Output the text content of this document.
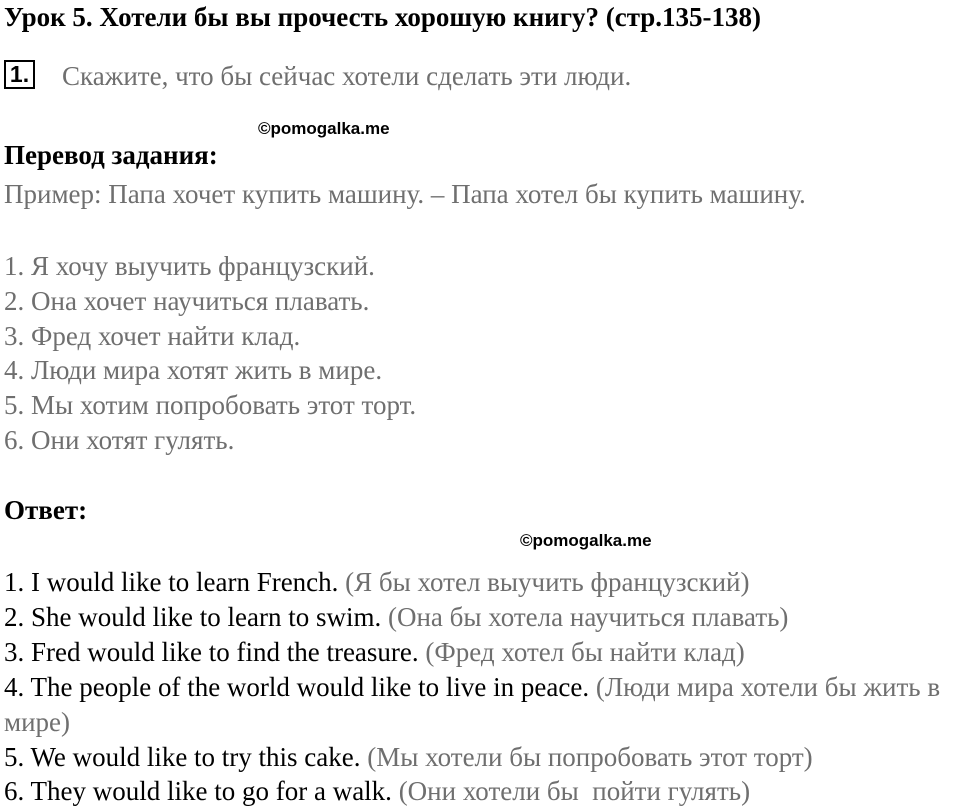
Урок 5. Хотели бы вы прочесть хорошую книгу? (стр.135-138)
1. Скажите, что бы сейчас хотели сделать эти люди.
©pomogalka.me
Перевод задания:
Пример: Папа хочет купить машину. – Папа хотел бы купить машину.
1. Я хочу выучить французский.
2. Она хочет научиться плавать.
3. Фред хочет найти клад.
4. Люди мира хотят жить в мире.
5. Мы хотим попробовать этот торт.
6. Они хотят гулять.
Ответ:
©pomogalka.me
1. I would like to learn French. (Я бы хотел выучить французский)
2. She would like to learn to swim. (Она бы хотела научиться плавать)
3. Fred would like to find the treasure. (Фред хотел бы найти клад)
4. The people of the world would like to live in peace. (Люди мира хотели бы жить в мире)
5. We would like to try this cake. (Мы хотели бы попробовать этот торт)
6. They would like to go for a walk. (Они хотели бы  пойти гулять)
